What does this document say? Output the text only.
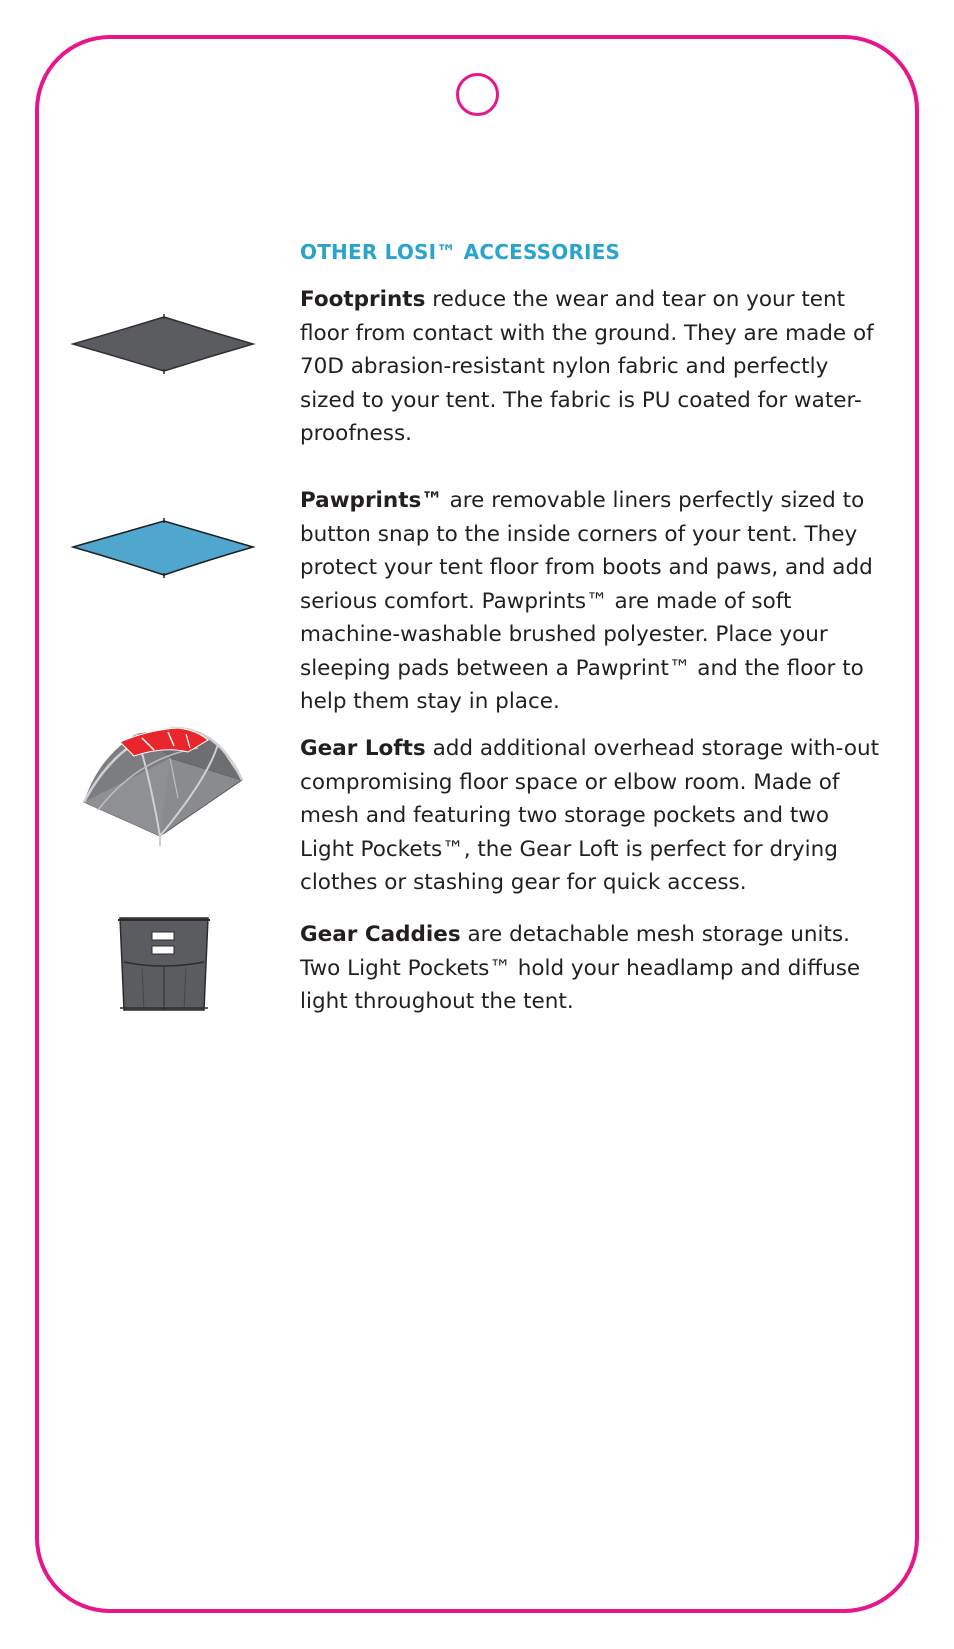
OTHER LOSI™ ACCESSORIES

Footprints reduce the wear and tear on your tent floor from contact with the ground. They are made of 70D abrasion-resistant nylon fabric and perfectly sized to your tent. The fabric is PU coated for water-proofness.

Pawprints™ are removable liners perfectly sized to button snap to the inside corners of your tent. They protect your tent floor from boots and paws, and add serious comfort. Pawprints™ are made of soft machine-washable brushed polyester. Place your sleeping pads between a Pawprint™ and the floor to help them stay in place.

Gear Lofts add additional overhead storage with-out compromising floor space or elbow room. Made of mesh and featuring two storage pockets and two Light Pockets™, the Gear Loft is perfect for drying clothes or stashing gear for quick access.

Gear Caddies are detachable mesh storage units. Two Light Pockets™ hold your headlamp and diffuse light throughout the tent.
